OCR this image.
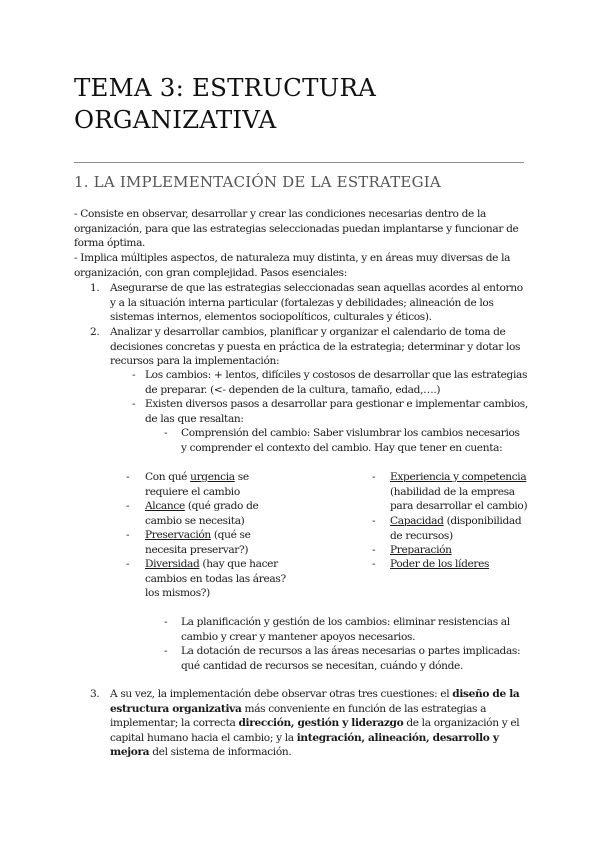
TEMA 3: ESTRUCTURA ORGANIZATIVA
1. LA IMPLEMENTACIÓN DE LA ESTRATEGIA
- Consiste en observar, desarrollar y crear las condiciones necesarias dentro de la organización, para que las estrategias seleccionadas puedan implantarse y funcionar de forma óptima.
- Implica múltiples aspectos, de naturaleza muy distinta, y en áreas muy diversas de la organización, con gran complejidad. Pasos esenciales:
1. Asegurarse de que las estrategias seleccionadas sean aquellas acordes al entorno y a la situación interna particular (fortalezas y debilidades; alineación de los sistemas internos, elementos sociopolíticos, culturales y éticos).
2. Analizar y desarrollar cambios, planificar y organizar el calendario de toma de decisiones concretas y puesta en práctica de la estrategia; determinar y dotar los recursos para la implementación:
- Los cambios: + lentos, difíciles y costosos de desarrollar que las estrategias de preparar. (<- dependen de la cultura, tamaño, edad,….)
- Existen diversos pasos a desarrollar para gestionar e implementar cambios, de las que resaltan:
- Comprensión del cambio: Saber vislumbrar los cambios necesarios y comprender el contexto del cambio. Hay que tener en cuenta:
- Con qué urgencia se
requiere el cambio
- Alcance (qué grado de
cambio se necesita)
- Preservación (qué se
necesita preservar?)
- Diversidad (hay que hacer
cambios en todas las áreas?
los mismos?)
- Experiencia y competencia
(habilidad de la empresa
para desarrollar el cambio)
- Capacidad (disponibilidad
de recursos)
- Preparación
- Poder de los líderes
- La planificación y gestión de los cambios: eliminar resistencias al cambio y crear y mantener apoyos necesarios.
- La dotación de recursos a las áreas necesarias o partes implicadas: qué cantidad de recursos se necesitan, cuándo y dónde.
3. A su vez, la implementación debe observar otras tres cuestiones: el diseño de la estructura organizativa más conveniente en función de las estrategias a implementar; la correcta dirección, gestión y liderazgo de la organización y el capital humano hacia el cambio; y la integración, alineación, desarrollo y mejora del sistema de información.
